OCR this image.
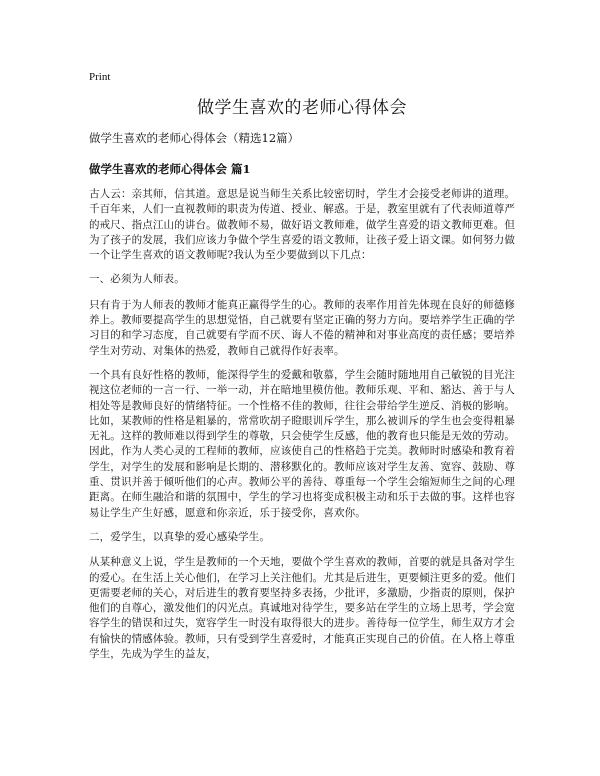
Print
做学生喜欢的老师心得体会
做学生喜欢的老师心得体会（精选12篇）
做学生喜欢的老师心得体会 篇1

古人云：亲其师，信其道。意思是说当师生关系比较密切时，学生才会接受老师讲的道理。千百年来，人们一直视教师的职责为传道、授业、解惑。于是，教室里就有了代表师道尊严的戒尺、指点江山的讲台。做教师不易，做好语文教师难，做学生喜爱的语文教师更难。但为了孩子的发展，我们应该力争做个学生喜爱的语文教师，让孩子爱上语文课。如何努力做一个让学生喜欢的语文教师呢?我认为至少要做到以下几点：

一、必须为人师表。

只有肯于为人师表的教师才能真正赢得学生的心。教师的表率作用首先体现在良好的师德修养上。教师要提高学生的思想觉悟，自己就要有坚定正确的努力方向。要培养学生正确的学习目的和学习态度，自己就要有学而不厌、诲人不倦的精神和对事业高度的责任感；要培养学生对劳动、对集体的热爱，教师自己就得作好表率。

一个具有良好性格的教师，能深得学生的爱戴和敬慕，学生会随时随地用自己敏锐的目光注视这位老师的一言一行、一举一动，并在暗地里模仿他。教师乐观、平和、豁达、善于与人相处等是教师良好的情绪特征。一个性格不佳的教师，往往会带给学生逆反、消极的影响。比如，某教师的性格是粗暴的，常常吹胡子瞪眼训斥学生，那么被训斥的学生也会变得粗暴无礼。这样的教师难以得到学生的尊敬，只会使学生反感，他的教育也只能是无效的劳动。因此，作为人类心灵的工程师的教师，应该使自己的性格趋于完美。教师时时感染和教育着学生，对学生的发展和影响是长期的、潜移默化的。教师应该对学生友善、宽容、鼓励、尊重、贯识并善于倾听他们的心声。教师公平的善待、尊重每一个学生会缩短师生之间的心理距离。在师生融洽和谐的氛围中，学生的学习也将变成积极主动和乐于去做的事。这样也容易让学生产生好感，愿意和你亲近，乐于接受你，喜欢你。

二，爱学生，以真挚的爱心感染学生。

从某种意义上说，学生是教师的一个天地，要做个学生喜欢的教师，首要的就是具备对学生的爱心。在生活上关心他们，在学习上关注他们。尤其是后进生，更要倾注更多的爱。他们更需要老师的关心，对后进生的教育要坚持多表扬，少批评，多激励，少指责的原则，保护他们的自尊心，激发他们的闪光点。真诚地对待学生，要多站在学生的立场上思考，学会宽容学生的错误和过失，宽容学生一时没有取得很大的进步。善待每一位学生，师生双方才会有愉快的情感体验。教师，只有受到学生喜爱时，才能真正实现自己的价值。在人格上尊重学生，先成为学生的益友，
